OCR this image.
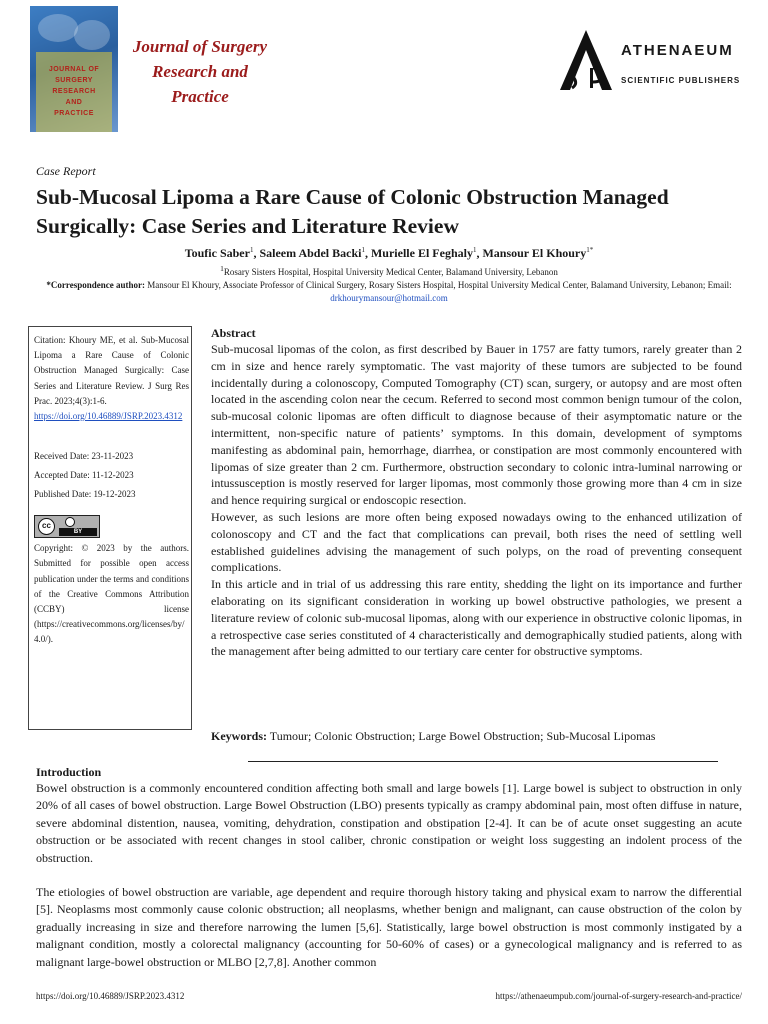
JOURNAL OF
SURGERY
RESEARCH
AND
PRACTICE
Journal of Surgery
Research and
Practice
ATHENAEUM
SCIENTIFIC PUBLISHERS
Case Report
Sub-Mucosal Lipoma a Rare Cause of Colonic Obstruction Managed
Surgically: Case Series and Literature Review
Toufic Saber$^1$, Saleem Abdel Backi$^1$, Murielle El Feghaly$^1$, Mansour El Khoury$^{1*}$
$^1$Rosary Sisters Hospital, Hospital University Medical Center, Balamand University, Lebanon
*Correspondence author: Mansour El Khoury, Associate Professor of Clinical Surgery, Rosary Sisters Hospital, Hospital University Medical Center, Balamand University, Lebanon; Email: drkhourymansour@hotmail.com
Citation: Khoury ME, et al. Sub-Mucosal Lipoma a Rare Cause of Colonic Obstruction Managed Surgically: Case Series and Literature Review. J Surg Res Prac. 2023;4(3):1-6.
https://doi.org/10.46889/JSRP.2023.4312
Received Date: 23-11-2023
Accepted Date: 11-12-2023
Published Date: 19-12-2023
cc
BY
Copyright: © 2023 by the authors. Submitted for possible open access publication under the terms and conditions of the Creative Commons Attribution (CCBY) license (https://creativecommons.org/licenses/by/4.0/).
Abstract

Sub-mucosal lipomas of the colon, as first described by Bauer in 1757 are fatty tumors, rarely greater than 2 cm in size and hence rarely symptomatic. The vast majority of these tumors are subjected to be found incidentally during a colonoscopy, Computed Tomography (CT) scan, surgery, or autopsy and are most often located in the ascending colon near the cecum. Referred to second most common benign tumour of the colon, sub-mucosal colonic lipomas are often difficult to diagnose because of their asymptomatic nature or the intermittent, non-specific nature of patients’ symptoms. In this domain, development of symptoms manifesting as abdominal pain, hemorrhage, diarrhea, or constipation are most commonly encountered with lipomas of size greater than 2 cm. Furthermore, obstruction secondary to colonic intra-luminal narrowing or intussusception is mostly reserved for larger lipomas, most commonly those growing more than 4 cm in size and hence requiring surgical or endoscopic resection.

However, as such lesions are more often being exposed nowadays owing to the enhanced utilization of colonoscopy and CT and the fact that complications can prevail, both rises the need of settling well established guidelines advising the management of such polyps, on the road of preventing consequent complications.

In this article and in trial of us addressing this rare entity, shedding the light on its importance and further elaborating on its significant consideration in working up bowel obstructive pathologies, we present a literature review of colonic sub-mucosal lipomas, along with our experience in obstructive colonic lipomas, in a retrospective case series constituted of 4 characteristically and demographically studied patients, along with the management after being admitted to our tertiary care center for obstructive symptoms.

Keywords: Tumour; Colonic Obstruction; Large Bowel Obstruction; Sub-Mucosal Lipomas
Introduction

Bowel obstruction is a commonly encountered condition affecting both small and large bowels [1]. Large bowel is subject to obstruction in only 20% of all cases of bowel obstruction. Large Bowel Obstruction (LBO) presents typically as crampy abdominal pain, most often diffuse in nature, severe abdominal distention, nausea, vomiting, dehydration, constipation and obstipation [2-4]. It can be of acute onset suggesting an acute obstruction or be associated with recent changes in stool caliber, chronic constipation or weight loss suggesting an indolent process of the obstruction.

The etiologies of bowel obstruction are variable, age dependent and require thorough history taking and physical exam to narrow the differential [5]. Neoplasms most commonly cause colonic obstruction; all neoplasms, whether benign and malignant, can cause obstruction of the colon by gradually increasing in size and therefore narrowing the lumen [5,6]. Statistically, large bowel obstruction is most commonly instigated by a malignant condition, mostly a colorectal malignancy (accounting for 50-60% of cases) or a gynecological malignancy and is referred to as malignant large-bowel obstruction or MLBO [2,7,8]. Another common

https://doi.org/10.46889/JSRP.2023.4312	https://athenaeumpub.com/journal-of-surgery-research-and-practice/
